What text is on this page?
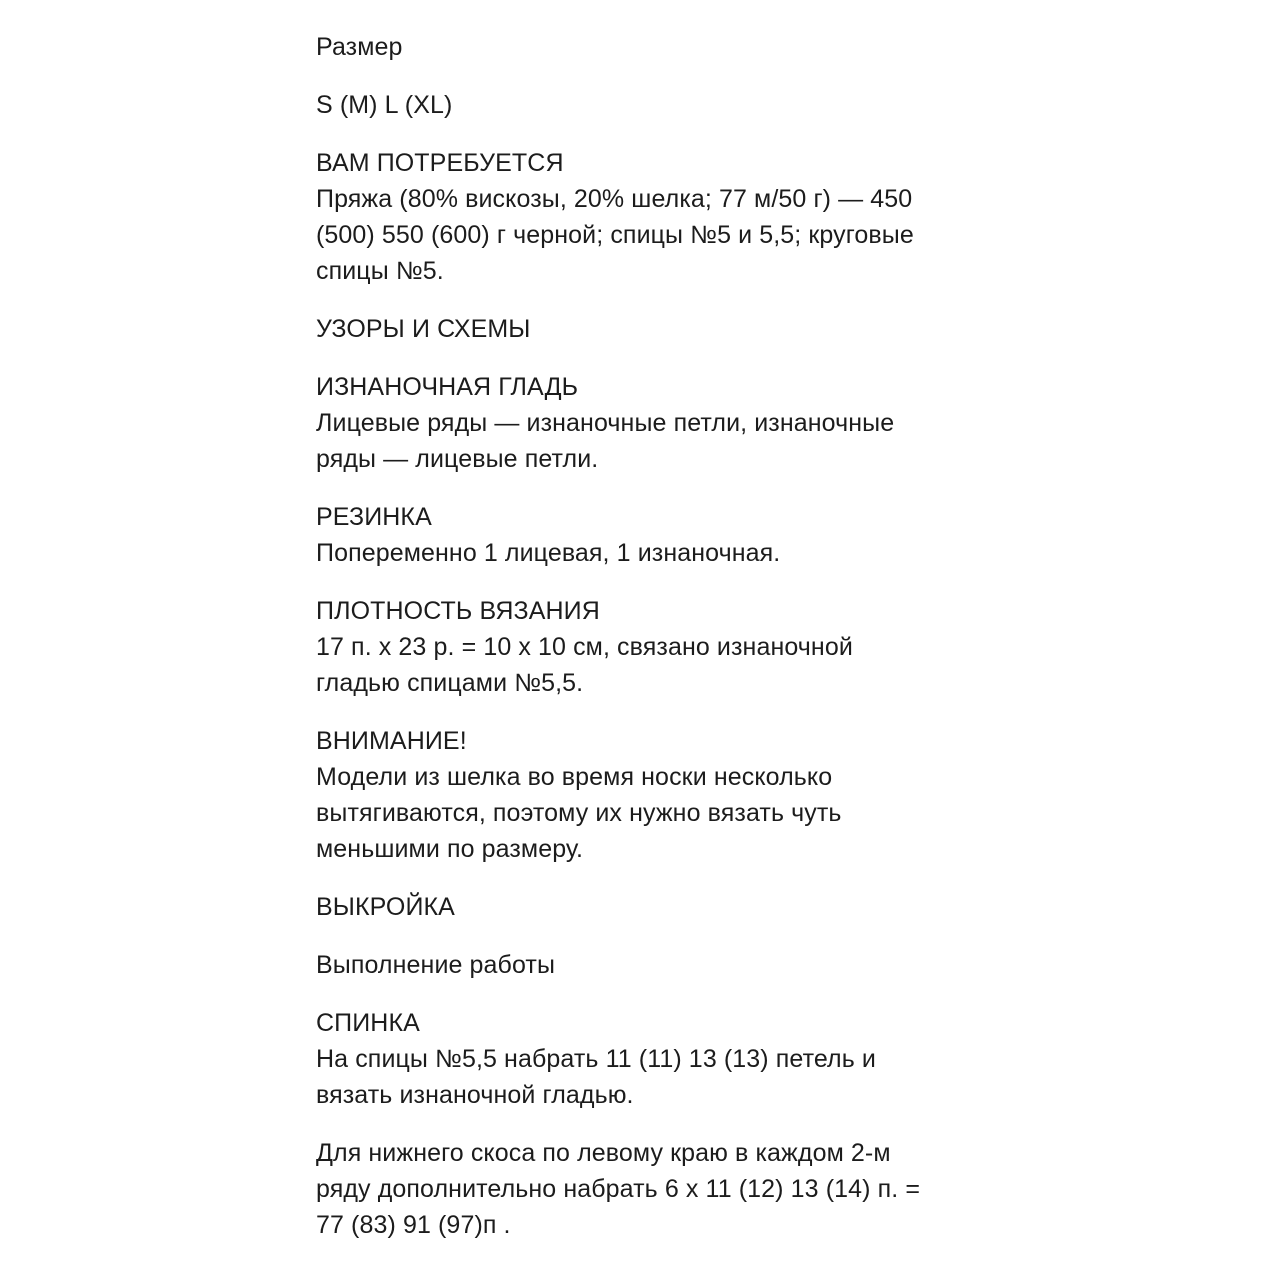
Размер

S (M) L (XL)

ВАМ ПОТРЕБУЕТСЯ

Пряжа (80% вискозы, 20% шелка; 77 м/50 г) — 450
(500) 550 (600) г черной; спицы №5 и 5,5; круговые
спицы №5.

УЗОРЫ И СХЕМЫ

ИЗНАНОЧНАЯ ГЛАДЬ

Лицевые ряды — изнаночные петли, изнаночные
ряды — лицевые петли.

РЕЗИНКА

Попеременно 1 лицевая, 1 изнаночная.

ПЛОТНОСТЬ ВЯЗАНИЯ

17 п. х 23 р. = 10 х 10 см, связано изнаночной
гладью спицами №5,5.

ВНИМАНИЕ!

Модели из шелка во время носки несколько
вытягиваются, поэтому их нужно вязать чуть
меньшими по размеру.

ВЫКРОЙКА

Выполнение работы

СПИНКА

На спицы №5,5 набрать 11 (11) 13 (13) петель и
вязать изнаночной гладью.

Для нижнего скоса по левому краю в каждом 2-м
ряду дополнительно набрать 6 х 11 (12) 13 (14) п. =
77 (83) 91 (97)п .
